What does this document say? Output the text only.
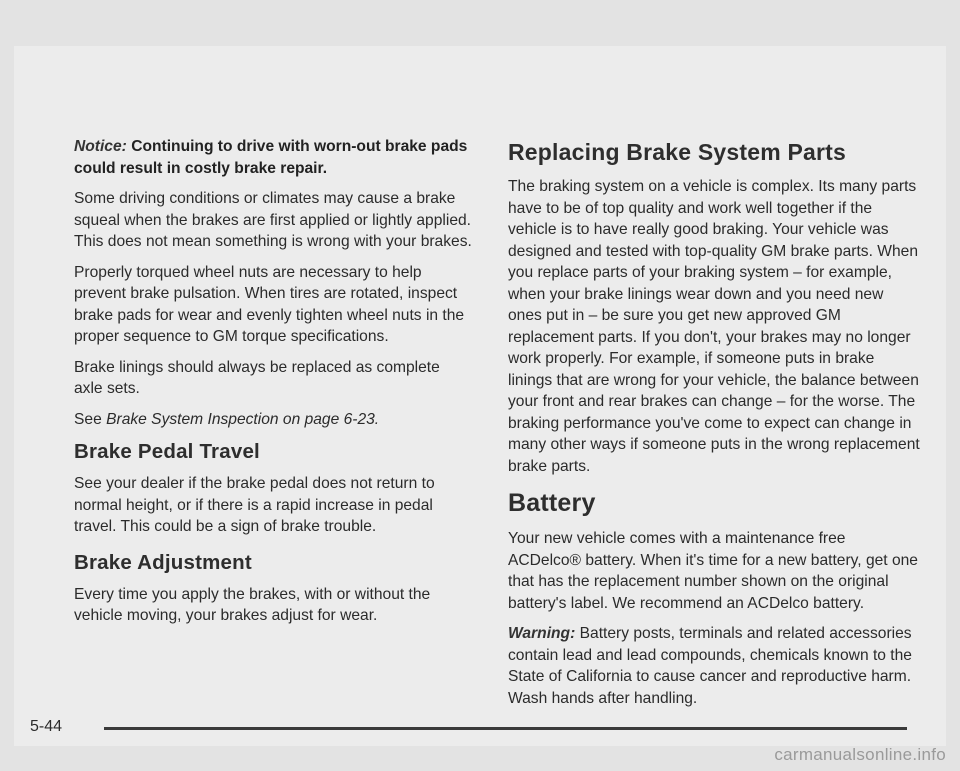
Notice: Continuing to drive with worn-out brake pads could result in costly brake repair.

Some driving conditions or climates may cause a brake squeal when the brakes are first applied or lightly applied. This does not mean something is wrong with your brakes.

Properly torqued wheel nuts are necessary to help prevent brake pulsation. When tires are rotated, inspect brake pads for wear and evenly tighten wheel nuts in the proper sequence to GM torque specifications.

Brake linings should always be replaced as complete axle sets.

See Brake System Inspection on page 6-23.

Brake Pedal Travel

See your dealer if the brake pedal does not return to normal height, or if there is a rapid increase in pedal travel. This could be a sign of brake trouble.

Brake Adjustment

Every time you apply the brakes, with or without the vehicle moving, your brakes adjust for wear.

Replacing Brake System Parts

The braking system on a vehicle is complex. Its many parts have to be of top quality and work well together if the vehicle is to have really good braking. Your vehicle was designed and tested with top-quality GM brake parts. When you replace parts of your braking system – for example, when your brake linings wear down and you need new ones put in – be sure you get new approved GM replacement parts. If you don't, your brakes may no longer work properly. For example, if someone puts in brake linings that are wrong for your vehicle, the balance between your front and rear brakes can change – for the worse. The braking performance you've come to expect can change in many other ways if someone puts in the wrong replacement brake parts.

Battery

Your new vehicle comes with a maintenance free ACDelco® battery. When it's time for a new battery, get one that has the replacement number shown on the original battery's label. We recommend an ACDelco battery.

Warning: Battery posts, terminals and related accessories contain lead and lead compounds, chemicals known to the State of California to cause cancer and reproductive harm. Wash hands after handling.

5-44
carmanualsonline.info
